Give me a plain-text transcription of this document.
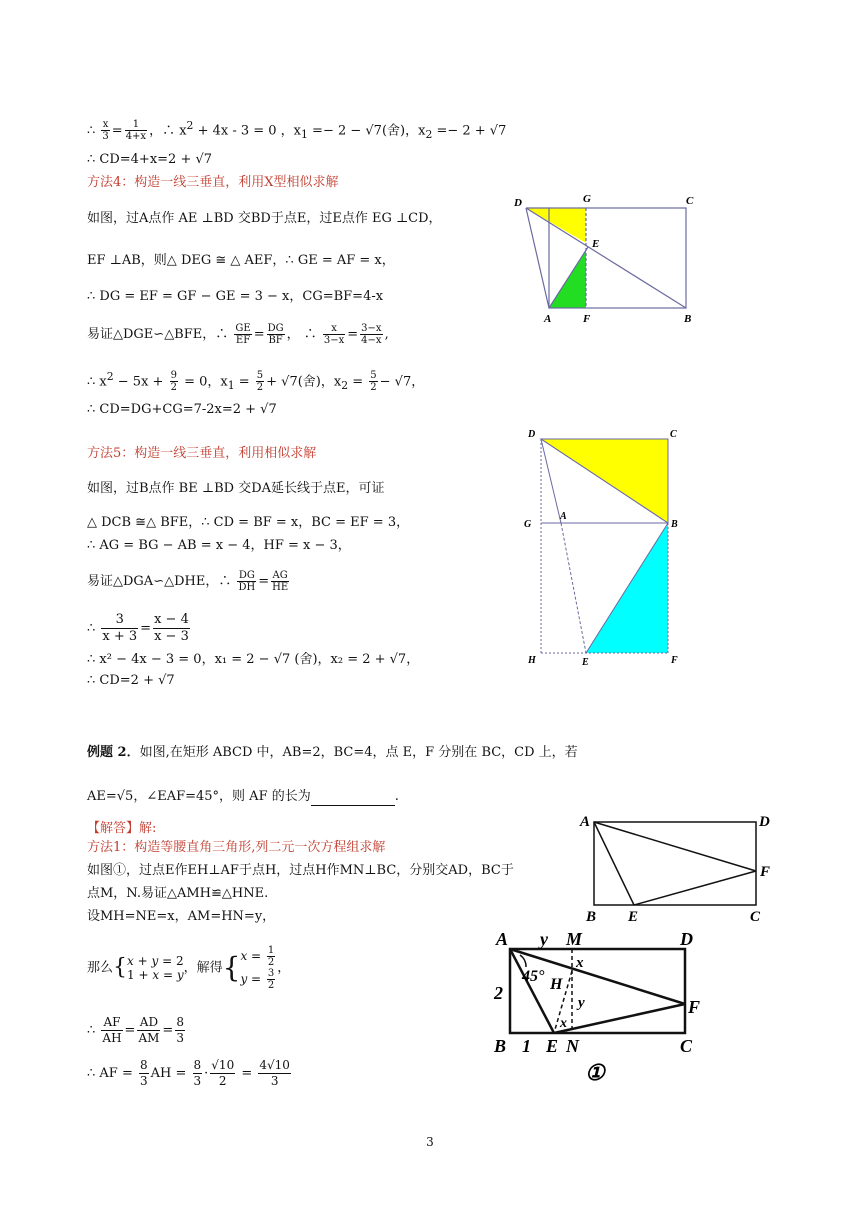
∴ $\frac{x}{3} = \frac{1}{4+x}$ ，∴ $x^2 + 4x - 3 = 0$ ，$x_1 =- 2 - √7$(舍)，$x_2 =- 2 + √7$
∴ CD=4+x=2 + √7
方法4：构造一线三垂直，利用X型相似求解
如图，过A点作 AE ⊥BD 交BD于点E，过E点作 EG ⊥CD，
EF ⊥AB，则△ DEG ≅ △ AEF，∴ GE = AF = x，
∴ DG = EF = GF − GE = 3 − x，CG=BF=4-x
易证△DGE∽△BFE，∴ $\frac{GE}{EF} = \frac{DG}{BF}$ ， ∴ $\frac{x}{3-x} = \frac{3-x}{4-x}$ ,
∴ $x^2 - 5x + \frac{9}{2} = 0$，$x_1 = \frac{5}{2} + √7$(舍)，$x_2 = \frac{5}{2} - √7$，
∴ CD=DG+CG=7-2x=2 + √7
方法5：构造一线三垂直，利用相似求解
如图，过B点作 BE ⊥BD 交DA延长线于点E，可证
△ DCB ≅△ BFE，∴ CD = BF = x，BC = EF = 3，
∴ AG = BG − AB = x − 4，HF = x − 3，
易证△DGA∽△DHE，∴ $\frac{DG}{DH} = \frac{AG}{HE}$
∴ $\frac{3}{x + 3} = \frac{x - 4}{x - 3}$
∴ x² − 4x − 3 = 0，x₁ = 2 − √7 (舍)，x₂ = 2 + √7，
∴ CD=2 + √7
例题 2．如图,在矩形 ABCD 中，AB=2，BC=4，点 E，F 分别在 BC，CD 上，若
AE=√5，∠EAF=45°，则 AF 的长为	.
【解答】解:
方法1：构造等腰直角三角形,列二元一次方程组求解
如图①，过点E作EH⊥AF于点H，过点H作MN⊥BC，分别交AD，BC于
点M，N.易证△AMH≌△HNE.
设MH=NE=x，AM=HN=y，
那么{x + y = 2
1 + x = y，解得{$x = \frac{1}{2}$

$y = \frac{3}{2}$ ，
∴ $\frac{AF}{AH} = \frac{AD}{AM} = \frac{8}{3}$
∴ AF = $\frac{8}{3}$ AH = $\frac{8}{3} \cdot \frac{√10}{2} = \frac{4√10}{3}$
D	G	C
E
A	F	B
D	C
G
A
B
H	E	F
A	D
F
B E	C
A y M	D
x
45° H
y
2
x
F
B 1 E N	C
①
3
